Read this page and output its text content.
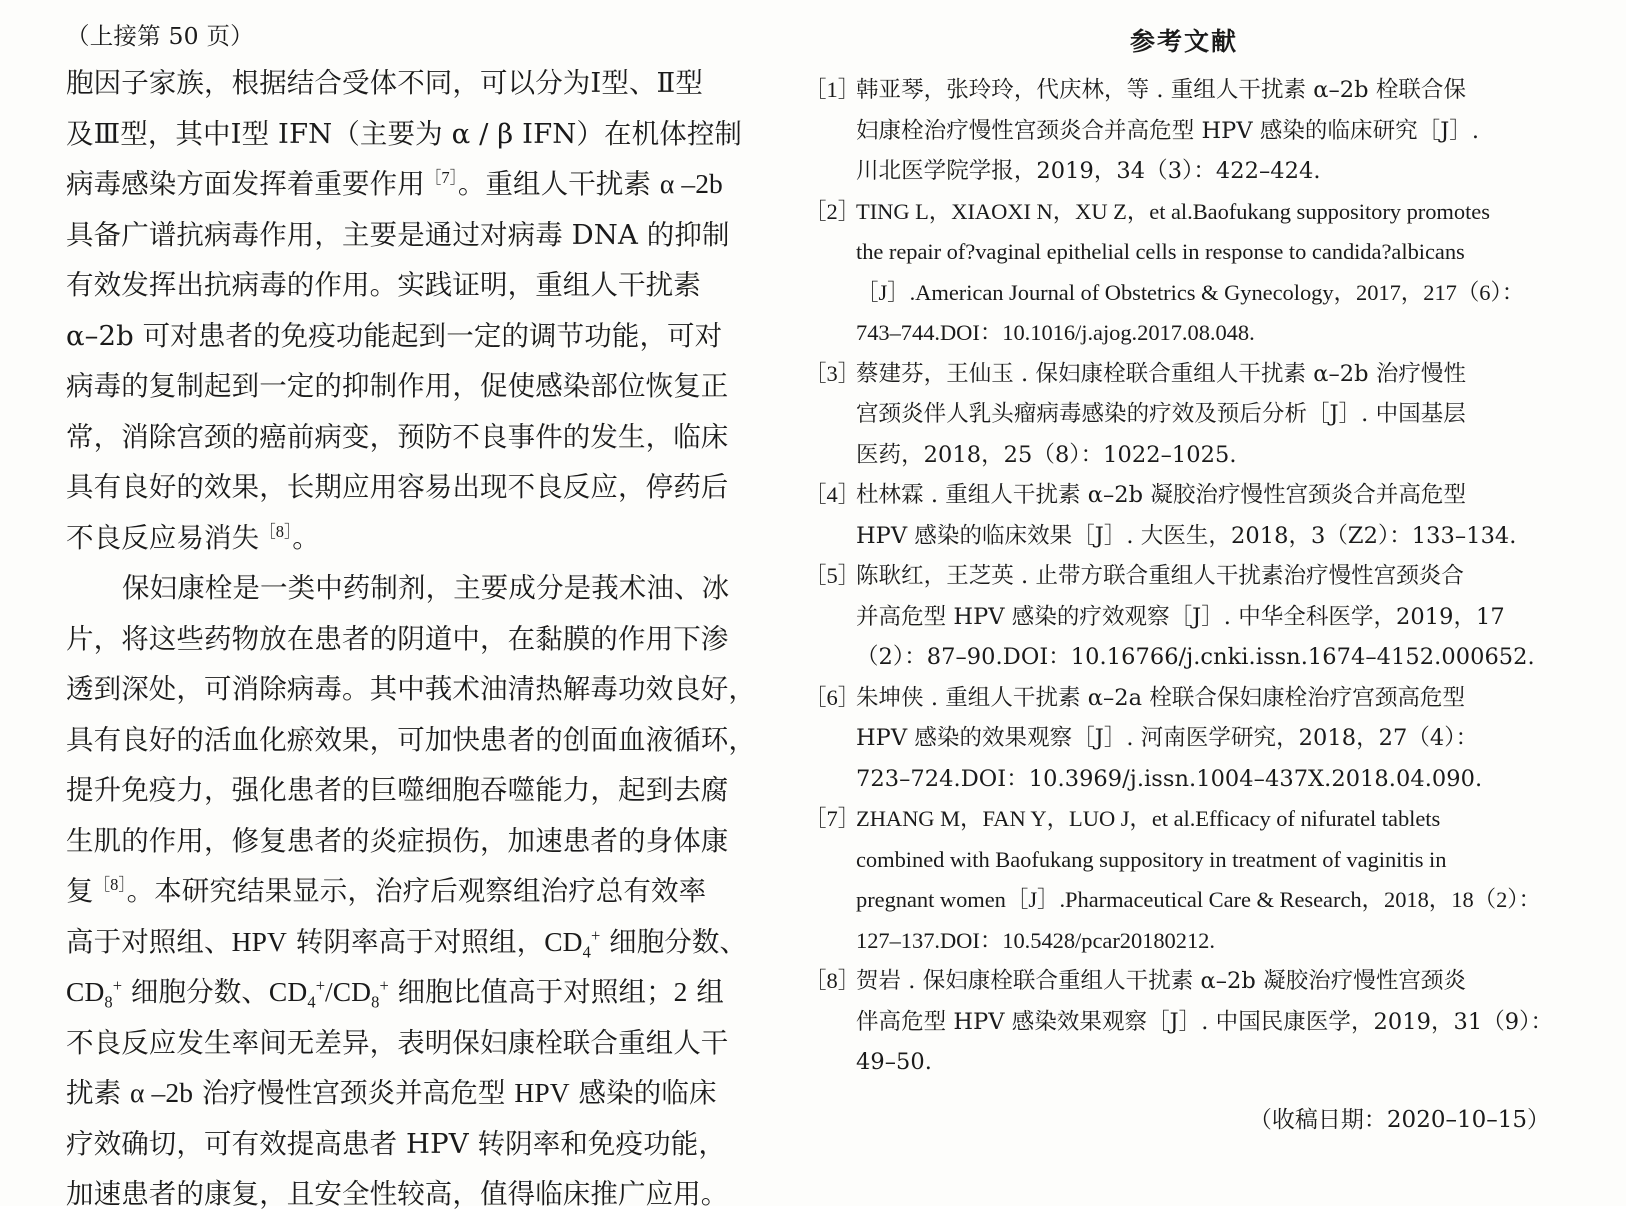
（上接第 50 页）

胞因子家族，根据结合受体不同，可以分为Ⅰ型、Ⅱ型
及Ⅲ型，其中Ⅰ型 IFN（主要为 α / β IFN）在机体控制
病毒感染方面发挥着重要作用$^{[7]}$。重组人干扰素 α –2b
具备广谱抗病毒作用，主要是通过对病毒 DNA 的抑制
有效发挥出抗病毒的作用。实践证明，重组人干扰素
α–2b 可对患者的免疫功能起到一定的调节功能，可对
病毒的复制起到一定的抑制作用，促使感染部位恢复正
常，消除宫颈的癌前病变，预防不良事件的发生，临床
具有良好的效果，长期应用容易出现不良反应，停药后
不良反应易消失$^{[8]}$。
保妇康栓是一类中药制剂，主要成分是莪术油、冰
片，将这些药物放在患者的阴道中，在黏膜的作用下渗
透到深处，可消除病毒。其中莪术油清热解毒功效良好，
具有良好的活血化瘀效果，可加快患者的创面血液循环，
提升免疫力，强化患者的巨噬细胞吞噬能力，起到去腐
生肌的作用，修复患者的炎症损伤，加速患者的身体康
复$^{[8]}$。本研究结果显示，治疗后观察组治疗总有效率
高于对照组、HPV 转阴率高于对照组，$CD_4^+$ 细胞分数、
$CD_8^+$ 细胞分数、$CD_4^+/CD_8^+$ 细胞比值高于对照组；2 组
不良反应发生率间无差异，表明保妇康栓联合重组人干
扰素 α –2b 治疗慢性宫颈炎并高危型 HPV 感染的临床
疗效确切，可有效提高患者 HPV 转阴率和免疫功能，
加速患者的康复，且安全性较高，值得临床推广应用。
参考文献
［1］
韩亚琴，张玲玲，代庆林，等 . 重组人干扰素 α–2b 栓联合保
妇康栓治疗慢性宫颈炎合并高危型 HPV 感染的临床研究［J］.
川北医学院学报，2019，34（3）：422–424.
［2］
TING L，XIAOXI N，XU Z，et al.Baofukang suppository promotes
the repair of?vaginal epithelial cells in response to candida?albicans
［J］.American Journal of Obstetrics & Gynecology，2017，217（6）：
743–744.DOI：10.1016/j.ajog.2017.08.048.
［3］
蔡建芬，王仙玉 . 保妇康栓联合重组人干扰素 α–2b 治疗慢性
宫颈炎伴人乳头瘤病毒感染的疗效及预后分析［J］. 中国基层
医药，2018，25（8）：1022–1025.
［4］
杜林霖 . 重组人干扰素 α–2b 凝胶治疗慢性宫颈炎合并高危型
HPV 感染的临床效果［J］. 大医生，2018，3（Z2）：133–134.
［5］
陈耿红，王芝英 . 止带方联合重组人干扰素治疗慢性宫颈炎合
并高危型 HPV 感染的疗效观察［J］. 中华全科医学，2019，17
（2）：87–90.DOI：10.16766/j.cnki.issn.1674–4152.000652.
［6］
朱坤侠 . 重组人干扰素 α–2a 栓联合保妇康栓治疗宫颈高危型
HPV 感染的效果观察［J］. 河南医学研究，2018，27（4）：
723–724.DOI：10.3969/j.issn.1004–437X.2018.04.090.
［7］
ZHANG M，FAN Y，LUO J，et al.Efficacy of nifuratel tablets
combined with Baofukang suppository in treatment of vaginitis in
pregnant women［J］.Pharmaceutical Care & Research，2018，18（2）：
127–137.DOI：10.5428/pcar20180212.
［8］
贺岩 . 保妇康栓联合重组人干扰素 α–2b 凝胶治疗慢性宫颈炎
伴高危型 HPV 感染效果观察［J］. 中国民康医学，2019，31（9）：
49–50.
（收稿日期：2020–10–15）
